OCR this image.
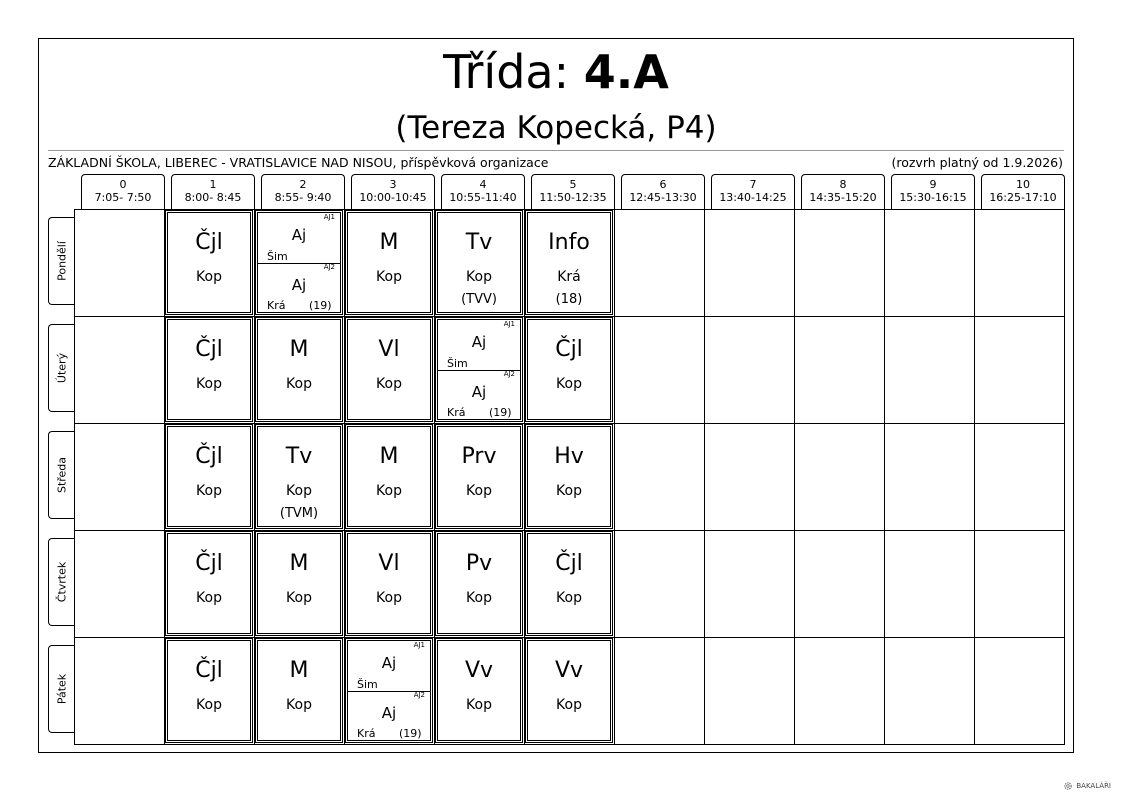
Třída: 4.A
(Tereza Kopecká, P4)
ZÁKLADNÍ ŠKOLA, LIBEREC - VRATISLAVICE NAD NISOU, příspěvková organizace	(rozvrh platný od 1.9.2026)
0
7:05- 7:50
1
8:00- 8:45
2
8:55- 9:40
3
10:00-10:45
4
10:55-11:40
5
11:50-12:35
6
12:45-13:30
7
13:40-14:25
8
14:35-15:20
9
15:30-16:15
10
16:25-17:10
Pondělí
Úterý
Středa
Čtvrtek
Pátek
Čjl
Kop
AJ1
Aj
Šim
AJ2
Aj
Krá (19)
M
Kop
Tv
Kop
(TVV)
Info
Krá
(18)
Čjl
Kop
M
Kop
Vl
Kop
AJ1
Aj
Šim
AJ2
Aj
Krá (19)
Čjl
Kop
Čjl
Kop
Tv
Kop
(TVM)
M
Kop
Prv
Kop
Hv
Kop
Čjl
Kop
M
Kop
Vl
Kop
Pv
Kop
Čjl
Kop
Čjl
Kop
M
Kop
AJ1
Aj
Šim
AJ2
Aj
Krá (19)
Vv
Kop
Vv
Kop
BAKALÁŘI
